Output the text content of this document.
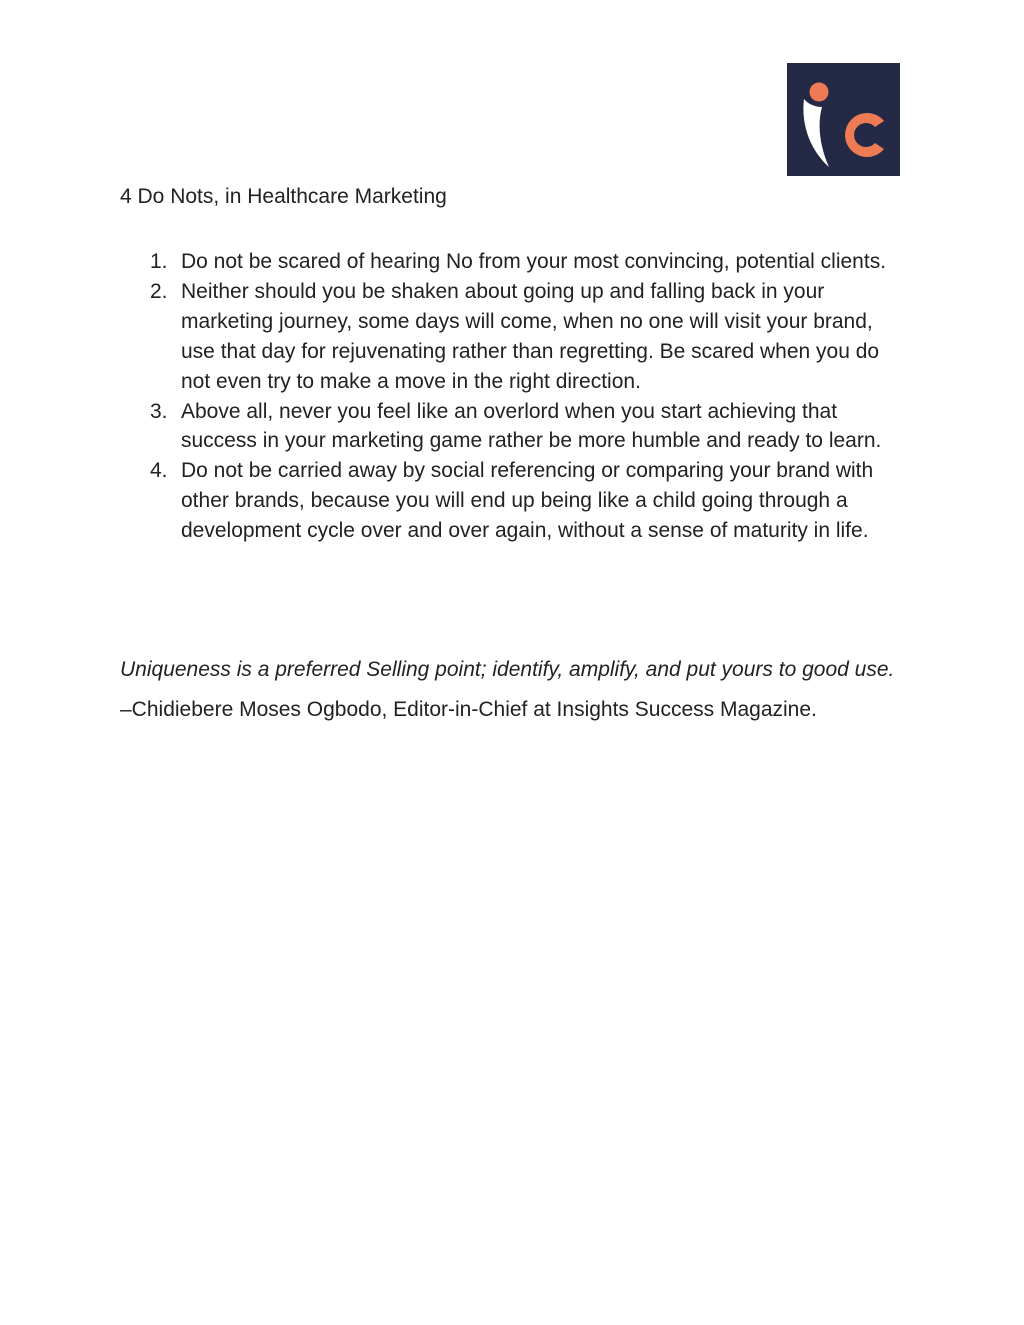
4 Do Nots, in Healthcare Marketing
1. Do not be scared of hearing No from your most convincing, potential clients.
2. Neither should you be shaken about going up and falling back in your marketing journey, some days will come, when no one will visit your brand, use that day for rejuvenating rather than regretting. Be scared when you do not even try to make a move in the right direction.
3. Above all, never you feel like an overlord when you start achieving that success in your marketing game rather be more humble and ready to learn.
4. Do not be carried away by social referencing or comparing your brand with other brands, because you will end up being like a child going through a development cycle over and over again, without a sense of maturity in life.

Uniqueness is a preferred Selling point; identify, amplify, and put yours to good use. –Chidiebere Moses Ogbodo, Editor-in-Chief at Insights Success Magazine.
